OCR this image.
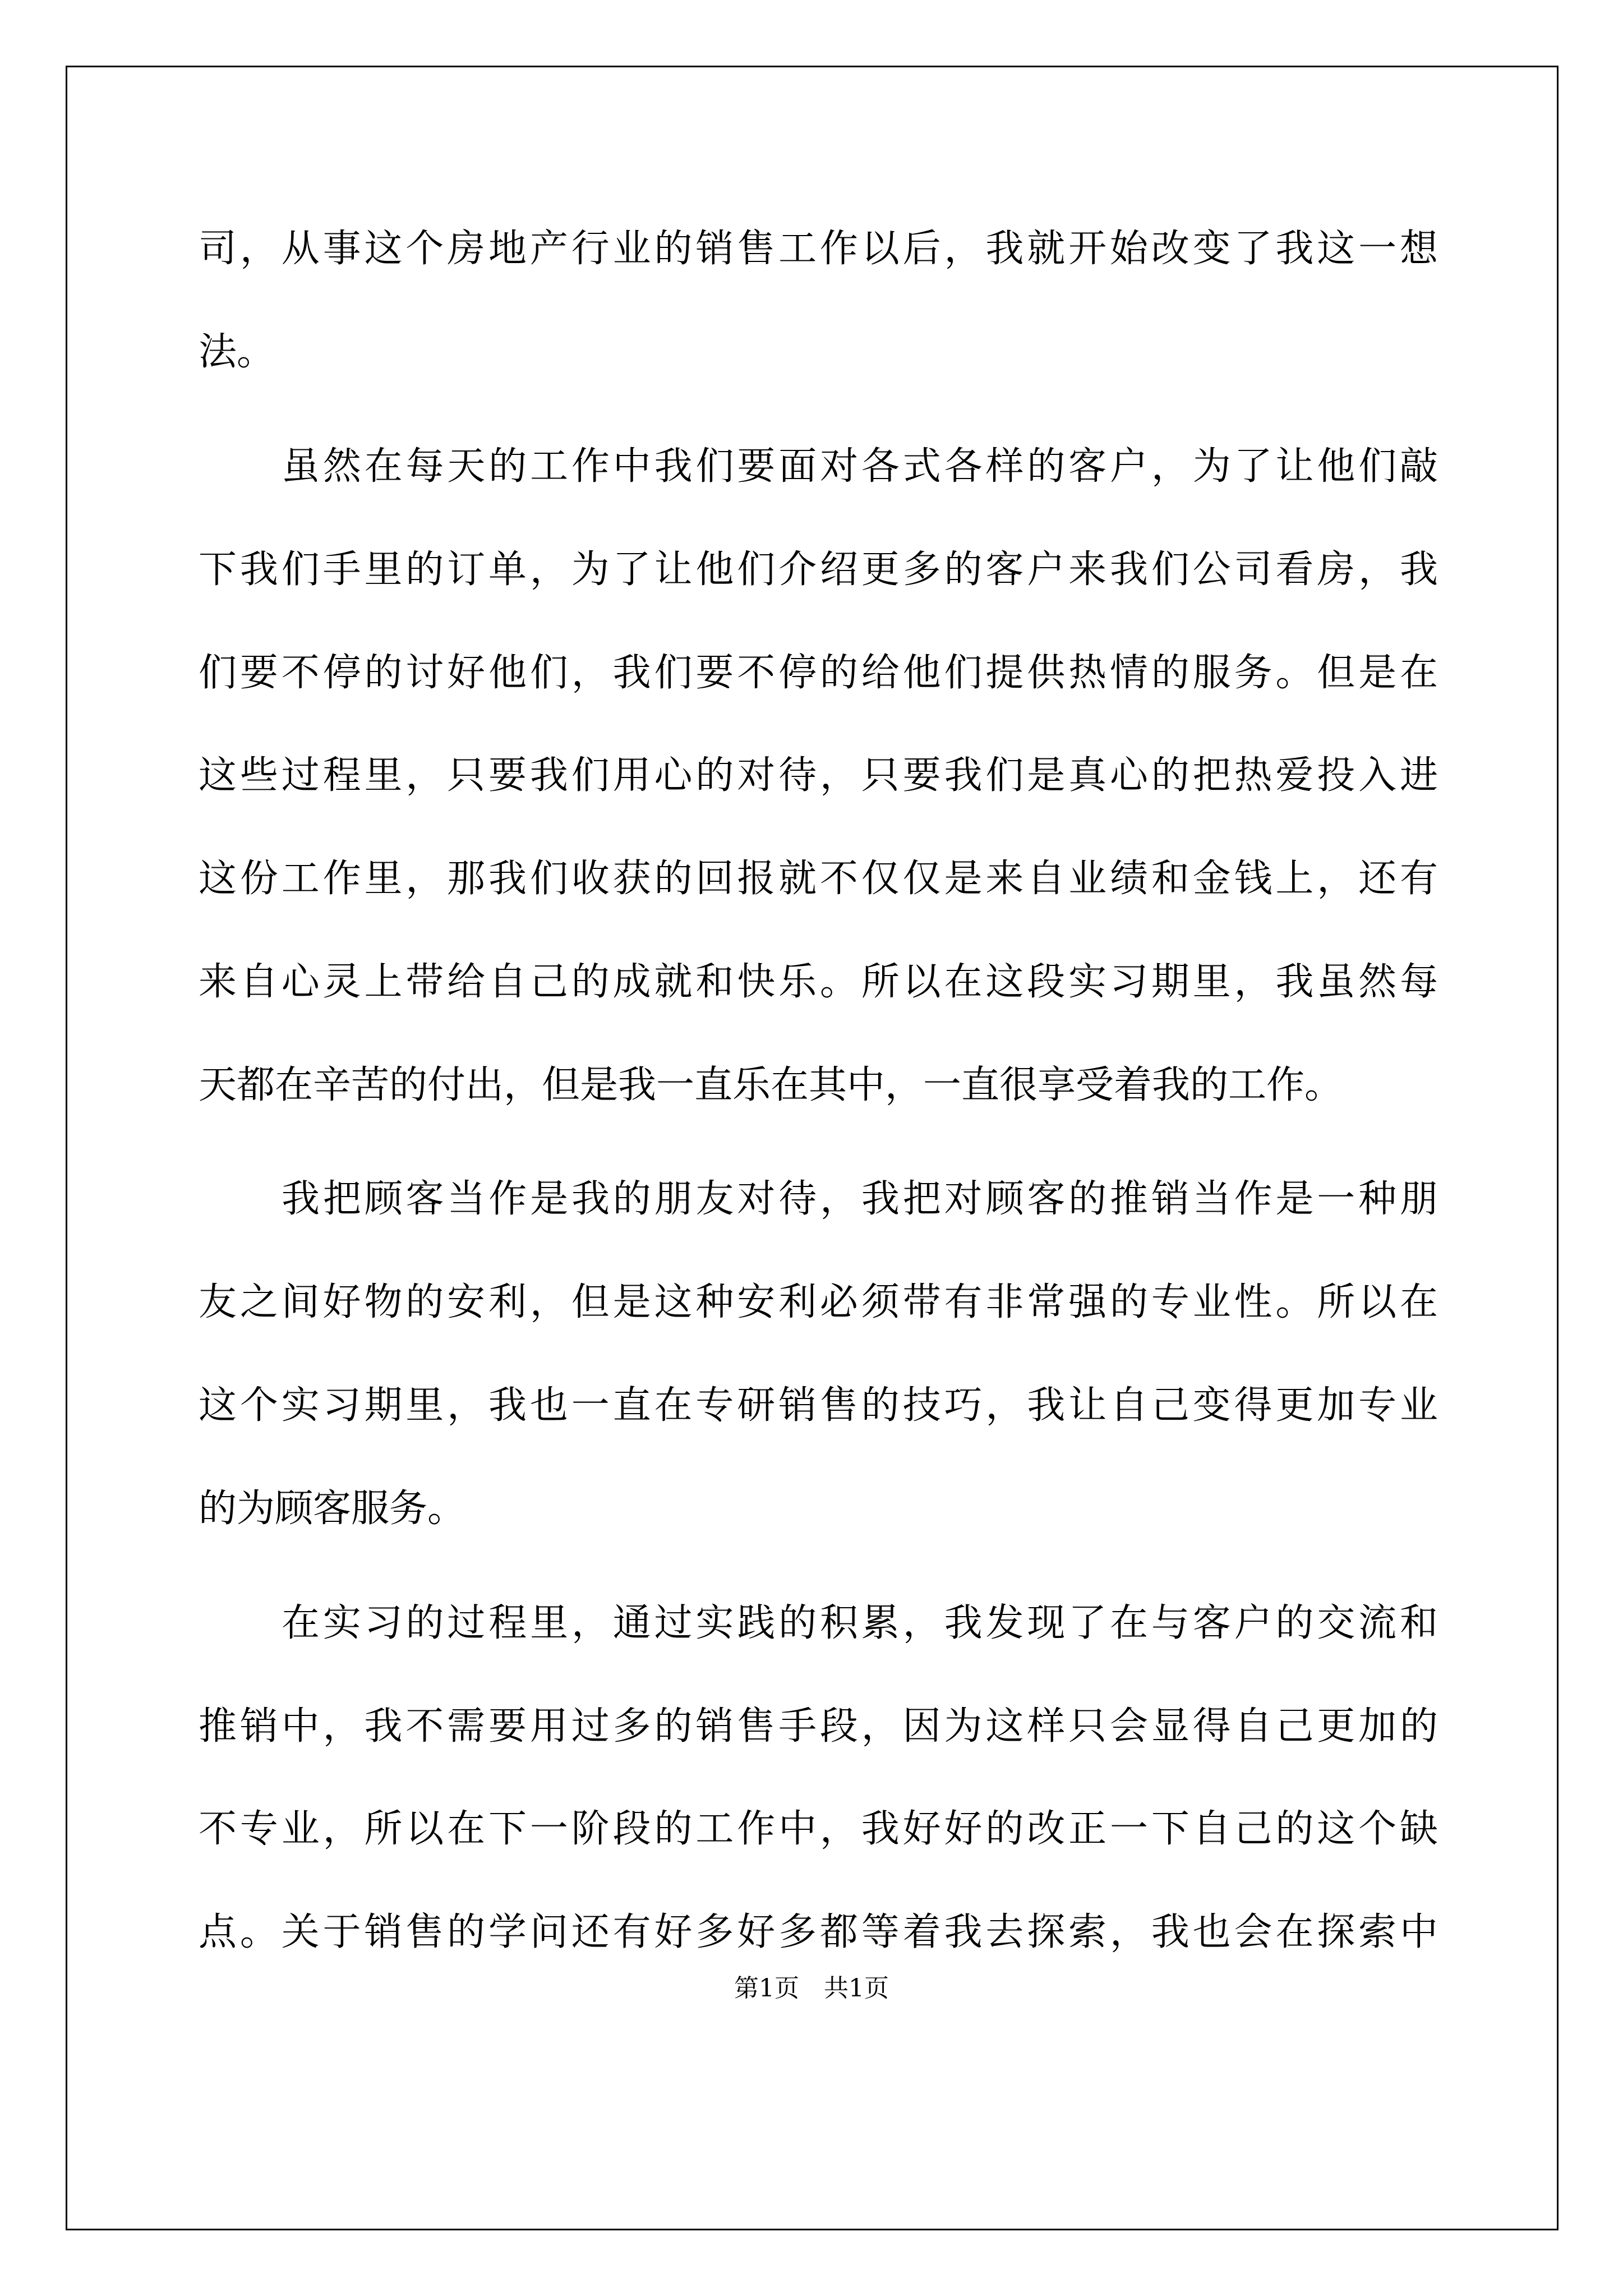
司，从事这个房地产行业的销售工作以后，我就开始改变了我这一想
法。
虽然在每天的工作中我们要面对各式各样的客户，为了让他们敲
下我们手里的订单，为了让他们介绍更多的客户来我们公司看房，我
们要不停的讨好他们，我们要不停的给他们提供热情的服务。但是在
这些过程里，只要我们用心的对待，只要我们是真心的把热爱投入进
这份工作里，那我们收获的回报就不仅仅是来自业绩和金钱上，还有
来自心灵上带给自己的成就和快乐。所以在这段实习期里，我虽然每
天都在辛苦的付出，但是我一直乐在其中，一直很享受着我的工作。
我把顾客当作是我的朋友对待，我把对顾客的推销当作是一种朋
友之间好物的安利，但是这种安利必须带有非常强的专业性。所以在
这个实习期里，我也一直在专研销售的技巧，我让自己变得更加专业
的为顾客服务。
在实习的过程里，通过实践的积累，我发现了在与客户的交流和
推销中，我不需要用过多的销售手段，因为这样只会显得自己更加的
不专业，所以在下一阶段的工作中，我好好的改正一下自己的这个缺
点。关于销售的学问还有好多好多都等着我去探索，我也会在探索中
第1页　共1页
